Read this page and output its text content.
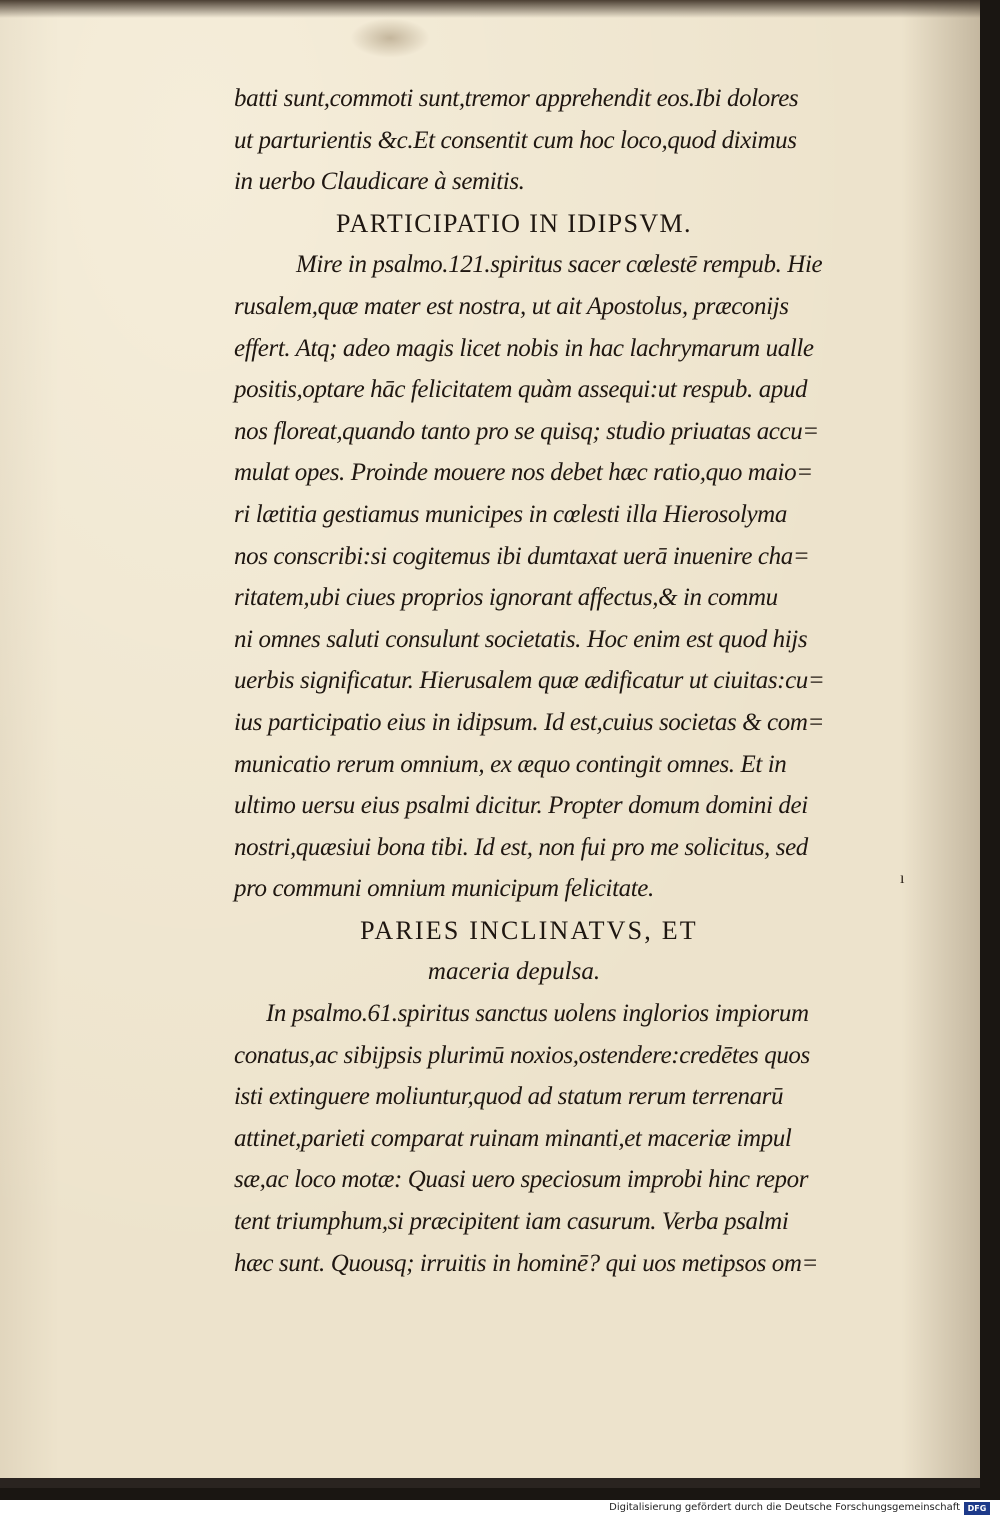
ı
batti sunt,commoti sunt,tremor apprehendit eos.Ibi dolores
ut parturientis &c.Et consentit cum hoc loco,quod diximus
in uerbo Claudicare à semitis.
PARTICIPATIO IN IDIPSVM.
Mire in psalmo.121.spiritus sacer cœlestē rempub. Hie
rusalem,quæ mater est nostra, ut ait Apostolus, præconijs
effert. Atq; adeo magis licet nobis in hac lachrymarum ualle
positis,optare hāc felicitatem quàm assequi:ut respub. apud
nos floreat,quando tanto pro se quisq; studio priuatas accu=
mulat opes. Proinde mouere nos debet hæc ratio,quo maio=
ri lætitia gestiamus municipes in cœlesti illa Hierosolyma
nos conscribi:si cogitemus ibi dumtaxat uerā inuenire cha=
ritatem,ubi ciues proprios ignorant affectus,& in commu
ni omnes saluti consulunt societatis. Hoc enim est quod hijs
uerbis significatur. Hierusalem quæ ædificatur ut ciuitas:cu=
ius participatio eius in idipsum. Id est,cuius societas & com=
municatio rerum omnium, ex æquo contingit omnes. Et in
ultimo uersu eius psalmi dicitur. Propter domum domini dei
nostri,quæsiui bona tibi. Id est, non fui pro me solicitus, sed
pro communi omnium municipum felicitate.
PARIES INCLINATVS, ET
maceria depulsa.
In psalmo.61.spiritus sanctus uolens inglorios impiorum
conatus,ac sibijpsis plurimū noxios,ostendere:credētes quos
isti extinguere moliuntur,quod ad statum rerum terrenarū
attinet,parieti comparat ruinam minanti,et maceriæ impul
sæ,ac loco motæ: Quasi uero speciosum improbi hinc repor
tent triumphum,si præcipitent iam casurum. Verba psalmi
hæc sunt. Quousq; irruitis in hominē? qui uos metipsos om=
Digitalisierung gefördert durch die Deutsche Forschungsgemeinschaft DFG
